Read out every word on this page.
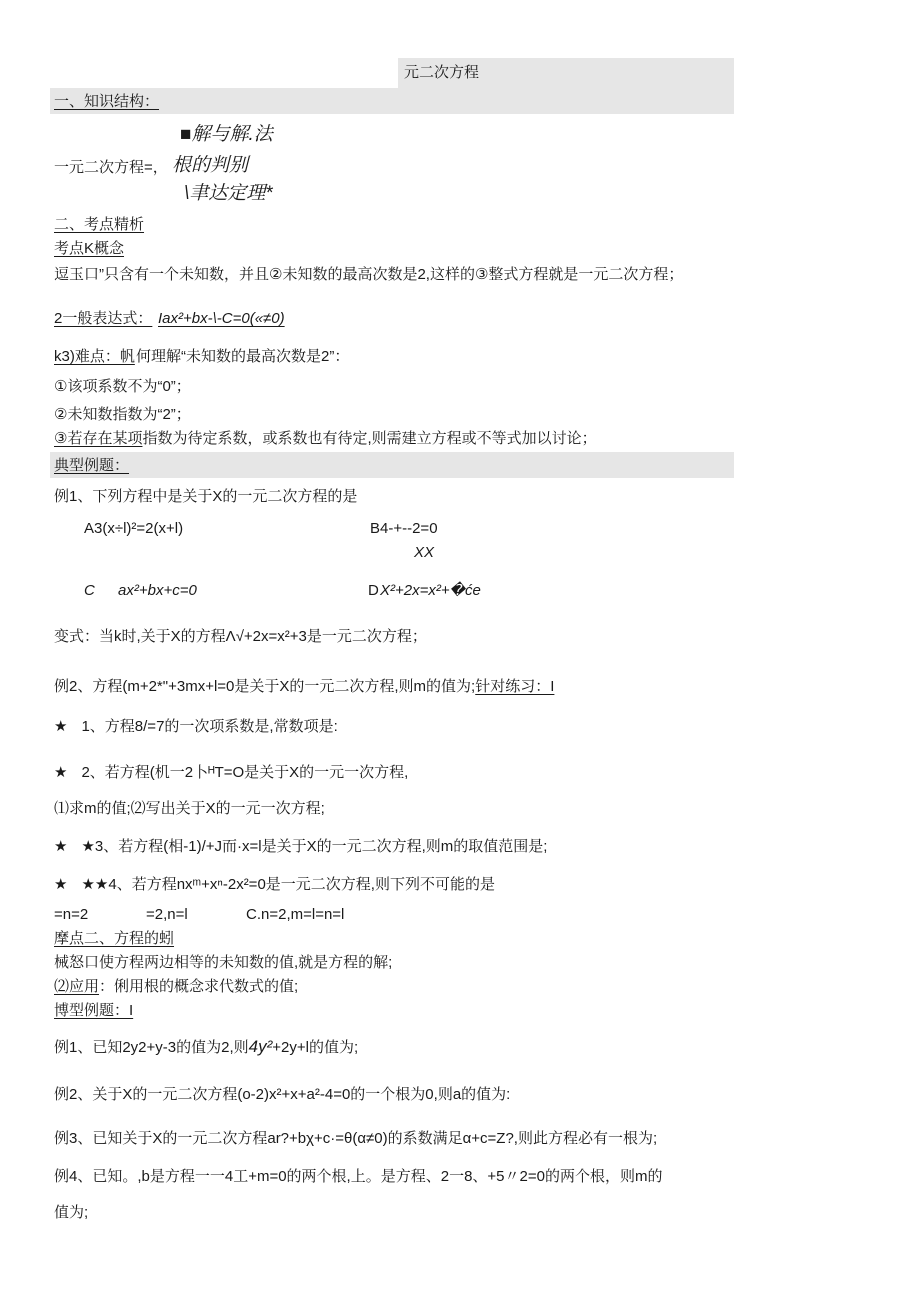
元二次方程
一、知识结构：
■解与解.法
一元二次方程=， 根的判别
\聿达定理*
二、考点精析
考点K概念
逗玉口”只含有一个未知数，并且②未知数的最高次数是2,这样的③整式方程就是一元二次方程；
2一般表达式： Iax²+bx-\-C=0(«≠0)
k3)难点：帆 何理解“未知数的最高次数是2”：
①该项系数不为“0”；
②未知数指数为“2”；
③若存在某项指数为待定系数，或系数也有待定,则需建立方程或不等式加以讨论；
典型例题：
例1、下列方程中是关于X的一元二次方程的是
A3(x÷l)²=2(x+l)	B4-+--2=0
XX
C ax²+bx+c=0	D X²+2x=x²+�će
变式：当k时,关于X的方程Λ√+2x=x²+3是一元二次方程；
例2、方程(m+2*"+3mx+l=0是关于X的一元二次方程,则m的值为;针对练习：I
★ 1、方程8/=7的一次项系数是,常数项是:
★ 2、若方程(机一2卜ᴴT=O是关于X的一元一次方程,
⑴求m的值;⑵写出关于X的一元一次方程;
★ ★3、若方程(相-1)/+J而·x=l是关于X的一元二次方程,则m的取值范围是;
★ ★★4、若方程nxᵐ+xⁿ-2x²=0是一元二次方程,则下列不可能的是
=n=2	=2,n=l	C.n=2,m=l=n=l
摩点二、方程的蚓
械怒口使方程两边相等的未知数的值,就是方程的解;
⑵应用：俐用根的概念求代数式的值;
博型例题：I
例1、已知2y2+y-3的值为2,则4y²+2y+l的值为;
例2、关于X的一元二次方程(o-2)x²+x+a²-4=0的一个根为0,则a的值为:
例3、已知关于X的一元二次方程ar?+bχ+c·=θ(α≠0)的系数满足α+c=Z?,则此方程必有一根为;
例4、已知。,b是方程一一4工+m=0的两个根,上。是方程、2一8、+5〃2=0的两个根，则m的
值为;
